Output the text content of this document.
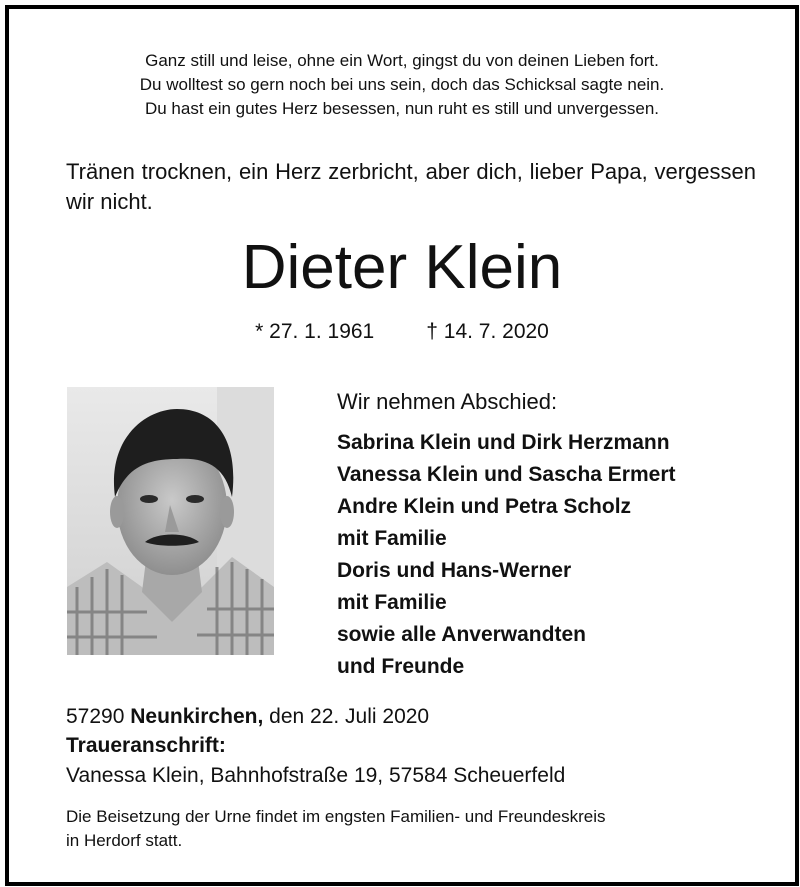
Ganz still und leise, ohne ein Wort, gingst du von deinen Lieben fort.
Du wolltest so gern noch bei uns sein, doch das Schicksal sagte nein.
Du hast ein gutes Herz besessen, nun ruht es still und unvergessen.
Tränen trocknen, ein Herz zerbricht, aber dich, lieber Papa, vergessen wir nicht.
Dieter Klein
* 27. 1. 1961 † 14. 7. 2020
Wir nehmen Abschied:
Sabrina Klein und Dirk Herzmann
Vanessa Klein und Sascha Ermert
Andre Klein und Petra Scholz
mit Familie
Doris und Hans-Werner
mit Familie
sowie alle Anverwandten
und Freunde
57290 Neunkirchen, den 22. Juli 2020
Traueranschrift:
Vanessa Klein, Bahnhofstraße 19, 57584 Scheuerfeld
Die Beisetzung der Urne findet im engsten Familien- und Freundeskreis
in Herdorf statt.
